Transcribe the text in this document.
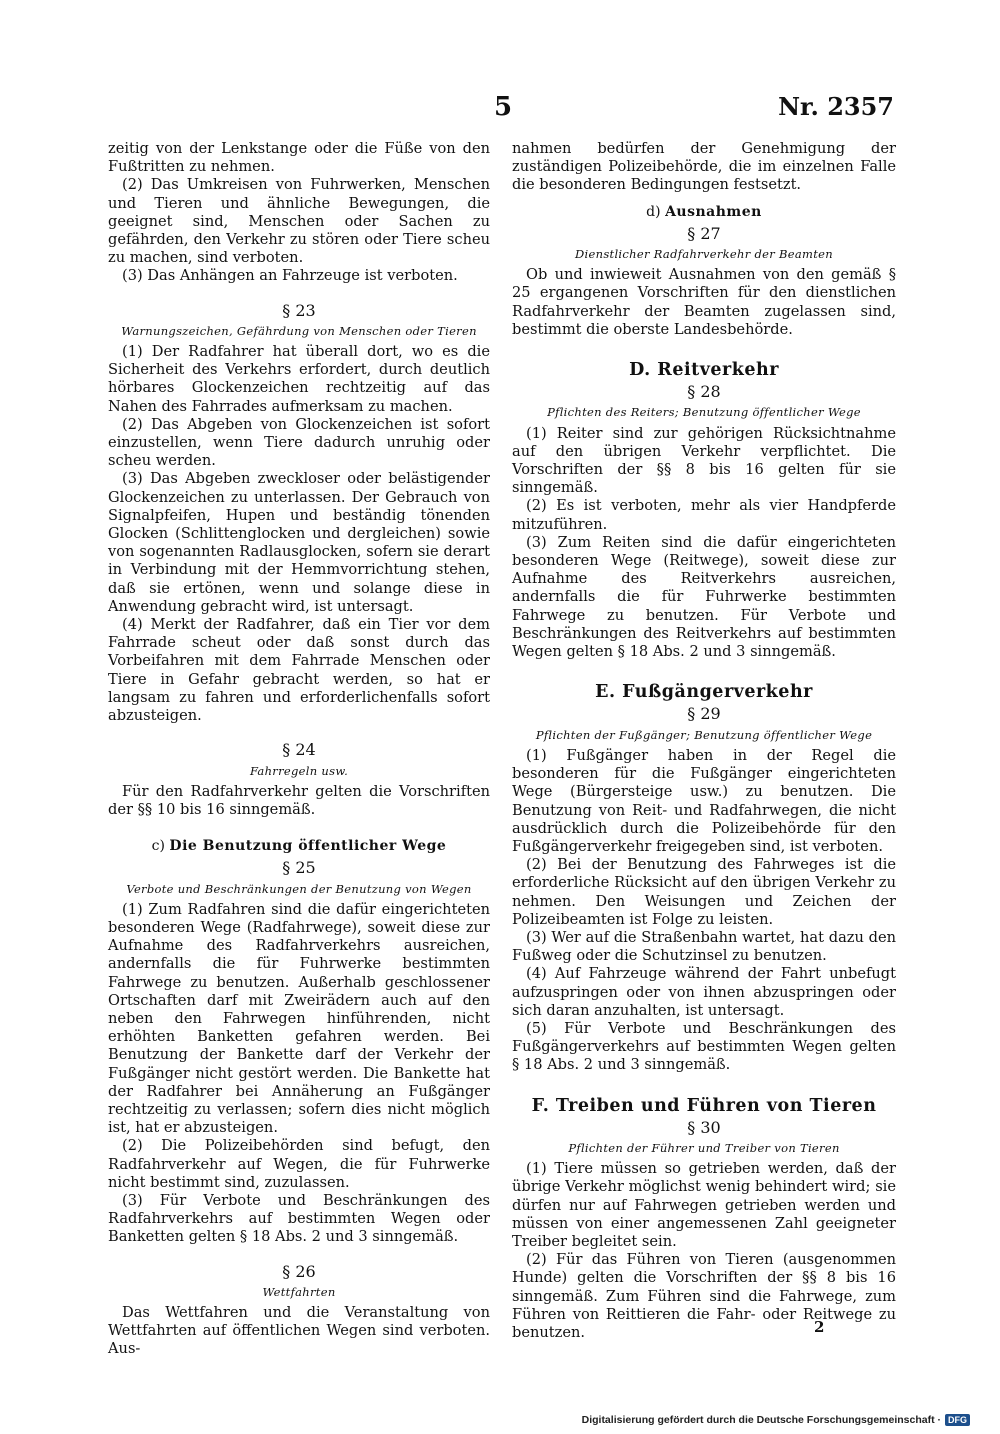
5	Nr. 2357

zeitig von der Lenkstange oder die Füße von den Fußtritten zu nehmen.

(2) Das Umkreisen von Fuhrwerken, Menschen und Tieren und ähnliche Bewegungen, die geeignet sind, Menschen oder Sachen zu gefährden, den Verkehr zu stören oder Tiere scheu zu machen, sind verboten.

(3) Das Anhängen an Fahrzeuge ist verboten.

§ 23
Warnungszeichen, Gefährdung von Menschen oder Tieren

(1) Der Radfahrer hat überall dort, wo es die Sicherheit des Verkehrs erfordert, durch deutlich hörbares Glockenzeichen rechtzeitig auf das Nahen des Fahrrades aufmerksam zu machen.

(2) Das Abgeben von Glockenzeichen ist sofort einzustellen, wenn Tiere dadurch unruhig oder scheu werden.

(3) Das Abgeben zweckloser oder belästigender Glockenzeichen zu unterlassen. Der Gebrauch von Signalpfeifen, Hupen und beständig tönenden Glocken (Schlittenglocken und dergleichen) sowie von sogenannten Radlausglocken, sofern sie derart in Verbindung mit der Hemmvorrichtung stehen, daß sie ertönen, wenn und solange diese in Anwendung gebracht wird, ist untersagt.

(4) Merkt der Radfahrer, daß ein Tier vor dem Fahrrade scheut oder daß sonst durch das Vorbeifahren mit dem Fahrrade Menschen oder Tiere in Gefahr gebracht werden, so hat er langsam zu fahren und erforderlichenfalls sofort abzusteigen.

§ 24
Fahrregeln usw.

Für den Radfahrverkehr gelten die Vorschriften der §§ 10 bis 16 sinngemäß.

c) Die Benutzung öffentlicher Wege
§ 25
Verbote und Beschränkungen der Benutzung von Wegen

(1) Zum Radfahren sind die dafür eingerichteten besonderen Wege (Radfahrwege), soweit diese zur Aufnahme des Radfahrverkehrs ausreichen, andernfalls die für Fuhrwerke bestimmten Fahrwege zu benutzen. Außerhalb geschlossener Ortschaften darf mit Zweirädern auch auf den neben den Fahrwegen hinführenden, nicht erhöhten Banketten gefahren werden. Bei Benutzung der Bankette darf der Verkehr der Fußgänger nicht gestört werden. Die Bankette hat der Radfahrer bei Annäherung an Fußgänger rechtzeitig zu verlassen; sofern dies nicht möglich ist, hat er abzusteigen.

(2) Die Polizeibehörden sind befugt, den Radfahrverkehr auf Wegen, die für Fuhrwerke nicht bestimmt sind, zuzulassen.

(3) Für Verbote und Beschränkungen des Radfahrverkehrs auf bestimmten Wegen oder Banketten gelten § 18 Abs. 2 und 3 sinngemäß.

§ 26
Wettfahrten

Das Wettfahren und die Veranstaltung von Wettfahrten auf öffentlichen Wegen sind verboten. Aus-

nahmen bedürfen der Genehmigung der zuständigen Polizeibehörde, die im einzelnen Falle die besonderen Bedingungen festsetzt.

d) Ausnahmen
§ 27
Dienstlicher Radfahrverkehr der Beamten

Ob und inwieweit Ausnahmen von den gemäß § 25 ergangenen Vorschriften für den dienstlichen Radfahrverkehr der Beamten zugelassen sind, bestimmt die oberste Landesbehörde.

D. Reitverkehr
§ 28
Pflichten des Reiters; Benutzung öffentlicher Wege

(1) Reiter sind zur gehörigen Rücksichtnahme auf den übrigen Verkehr verpflichtet. Die Vorschriften der §§ 8 bis 16 gelten für sie sinngemäß.

(2) Es ist verboten, mehr als vier Handpferde mitzuführen.

(3) Zum Reiten sind die dafür eingerichteten besonderen Wege (Reitwege), soweit diese zur Aufnahme des Reitverkehrs ausreichen, andernfalls die für Fuhrwerke bestimmten Fahrwege zu benutzen. Für Verbote und Beschränkungen des Reitverkehrs auf bestimmten Wegen gelten § 18 Abs. 2 und 3 sinngemäß.

E. Fußgängerverkehr
§ 29
Pflichten der Fußgänger; Benutzung öffentlicher Wege

(1) Fußgänger haben in der Regel die besonderen für die Fußgänger eingerichteten Wege (Bürgersteige usw.) zu benutzen. Die Benutzung von Reit- und Radfahrwegen, die nicht ausdrücklich durch die Polizeibehörde für den Fußgängerverkehr freigegeben sind, ist verboten.

(2) Bei der Benutzung des Fahrweges ist die erforderliche Rücksicht auf den übrigen Verkehr zu nehmen. Den Weisungen und Zeichen der Polizeibeamten ist Folge zu leisten.

(3) Wer auf die Straßenbahn wartet, hat dazu den Fußweg oder die Schutzinsel zu benutzen.

(4) Auf Fahrzeuge während der Fahrt unbefugt aufzuspringen oder von ihnen abzuspringen oder sich daran anzuhalten, ist untersagt.

(5) Für Verbote und Beschränkungen des Fußgängerverkehrs auf bestimmten Wegen gelten § 18 Abs. 2 und 3 sinngemäß.

F. Treiben und Führen von Tieren
§ 30
Pflichten der Führer und Treiber von Tieren

(1) Tiere müssen so getrieben werden, daß der übrige Verkehr möglichst wenig behindert wird; sie dürfen nur auf Fahrwegen getrieben werden und müssen von einer angemessenen Zahl geeigneter Treiber begleitet sein.

(2) Für das Führen von Tieren (ausgenommen Hunde) gelten die Vorschriften der §§ 8 bis 16 sinngemäß. Zum Führen sind die Fahrwege, zum Führen von Reittieren die Fahr- oder Reitwege zu benutzen.	2
Digitalisierung gefördert durch die Deutsche Forschungsgemeinschaft · DFG
